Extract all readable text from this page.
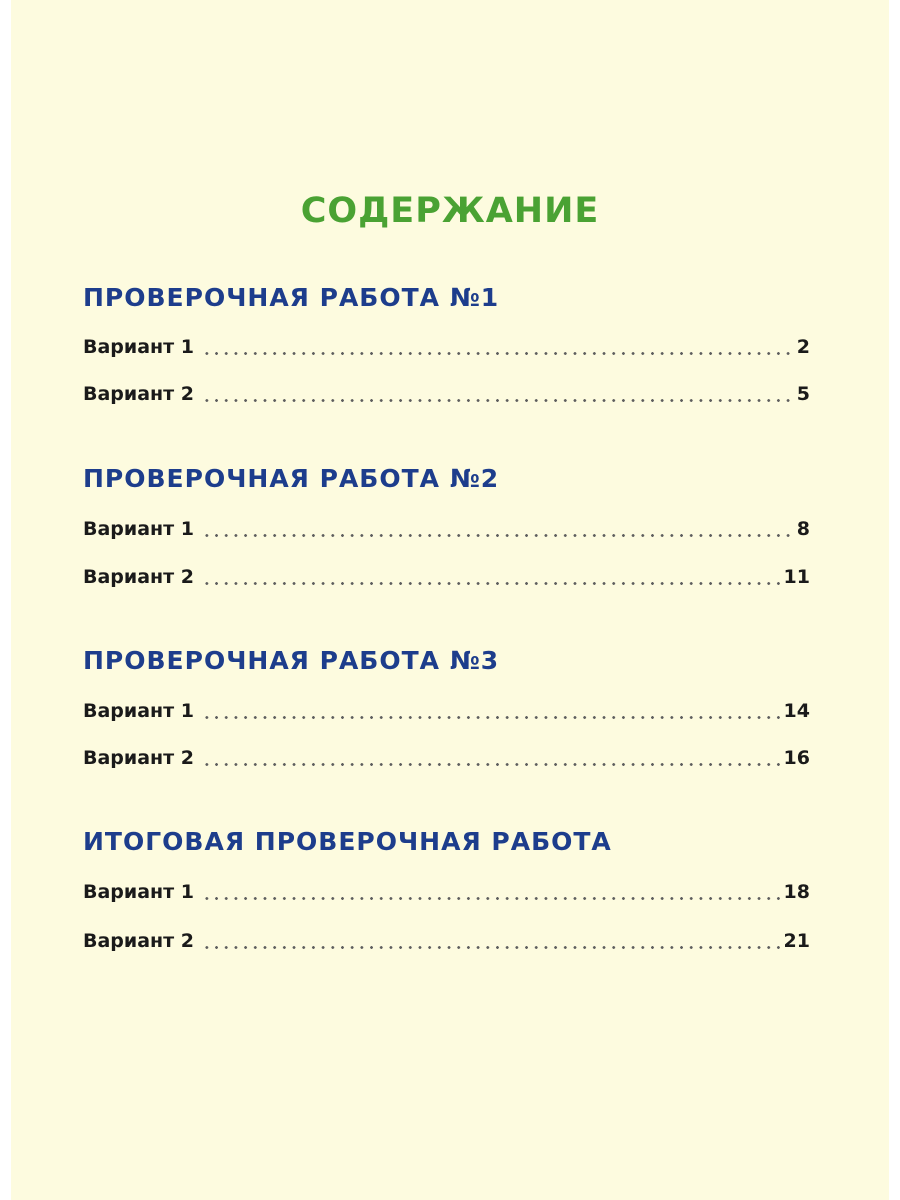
СОДЕРЖАНИЕ
ПРОВЕРОЧНАЯ РАБОТА №1
Вариант 1	2
Вариант 2	5
ПРОВЕРОЧНАЯ РАБОТА №2
Вариант 1	8
Вариант 2	11
ПРОВЕРОЧНАЯ РАБОТА №3
Вариант 1	14
Вариант 2	16
ИТОГОВАЯ ПРОВЕРОЧНАЯ РАБОТА
Вариант 1	18
Вариант 2	21
